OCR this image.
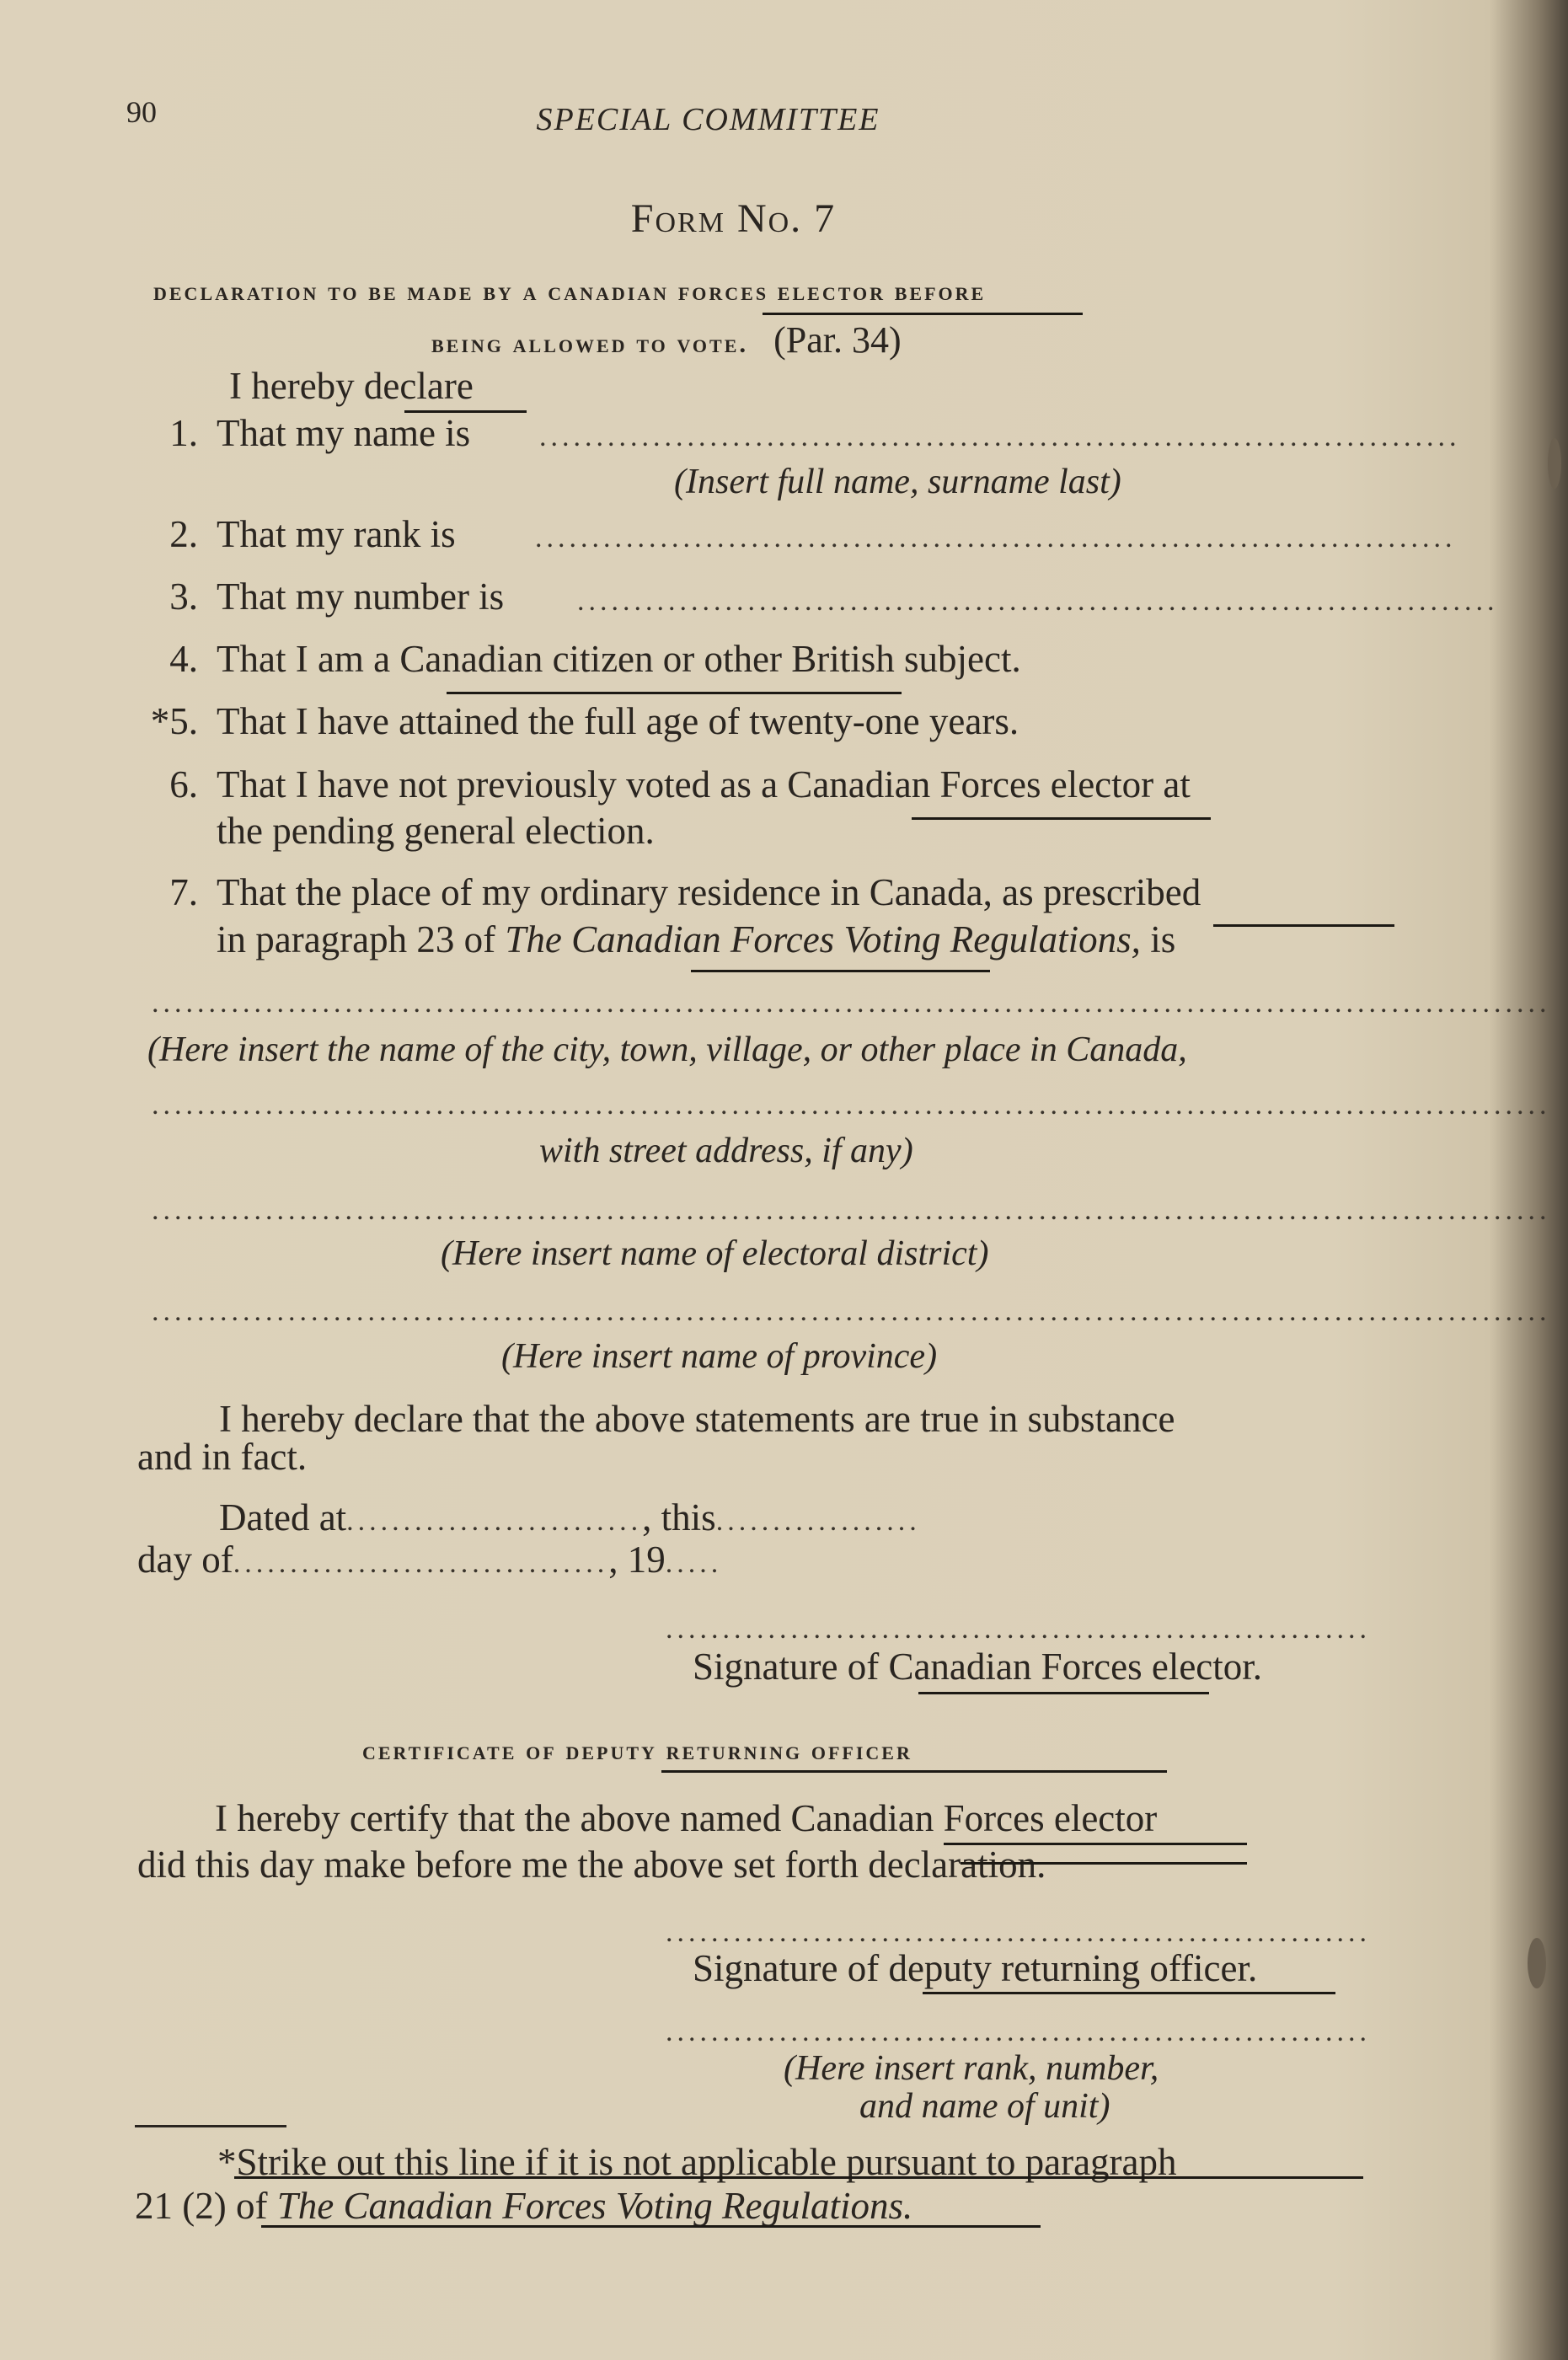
90	SPECIAL COMMITTEE
Form No. 7
declaration to be made by a canadian forces elector before
being allowed to vote. (Par. 34)
I hereby declare
1. That my name is .................................................................................
(Insert full name, surname last)
2. That my rank is	.................................................................................
3. That my number is	.................................................................................
4. That I am a Canadian citizen or other British subject.
*5. That I have attained the full age of twenty-one years.
6. That I have not previously voted as a Canadian Forces elector at
the pending general election.
7. That the place of my ordinary residence in Canada, as prescribed
in paragraph 23 of The Canadian Forces Voting Regulations, is
...........................................................................................................................
(Here insert the name of the city, town, village, or other place in Canada,
...........................................................................................................................
with street address, if any)
...........................................................................................................................
(Here insert name of electoral district)
...........................................................................................................................
(Here insert name of province)
I hereby declare that the above statements are true in substance
and in fact.
Dated at.........................., this..................
day of................................., 19.....
..............................................................
Signature of Canadian Forces elector.
certificate of deputy returning officer
I hereby certify that the above named Canadian Forces elector
did this day make before me the above set forth declaration.
..............................................................
Signature of deputy returning officer.
..............................................................
(Here insert rank, number,
and name of unit)
*Strike out this line if it is not applicable pursuant to paragraph
21 (2) of The Canadian Forces Voting Regulations.
